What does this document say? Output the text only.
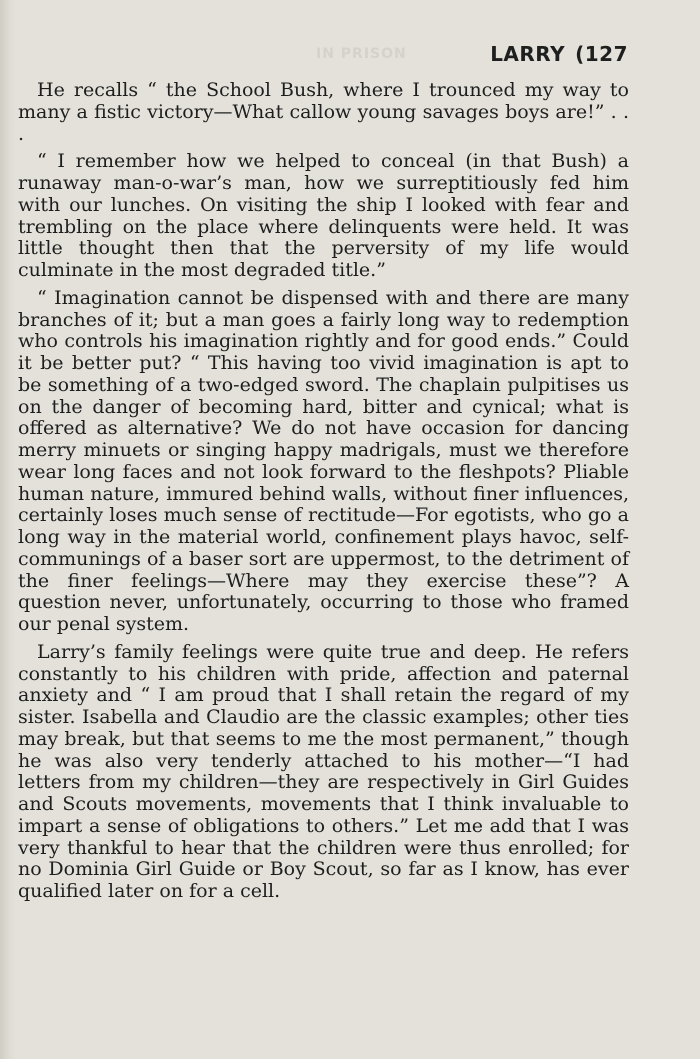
IN PRISON	LARRY (127

He recalls “ the School Bush, where I trounced my way to many a fistic victory—What callow young savages boys are!” . . .

“ I remember how we helped to conceal (in that Bush) a runaway man-o-war’s man, how we surreptitiously fed him with our lunches. On visiting the ship I looked with fear and trembling on the place where delinquents were held. It was little thought then that the perversity of my life would culminate in the most degraded title.”

“ Imagination cannot be dispensed with and there are many branches of it; but a man goes a fairly long way to redemption who controls his imagination rightly and for good ends.” Could it be better put? “ This having too vivid imagination is apt to be something of a two-edged sword. The chaplain pulpitises us on the danger of becoming hard, bitter and cynical; what is offered as alternative? We do not have occasion for dancing merry minuets or singing happy madrigals, must we therefore wear long faces and not look forward to the fleshpots? Pliable human nature, immured behind walls, without finer influences, certainly loses much sense of rectitude—For egotists, who go a long way in the material world, confinement plays havoc, self-communings of a baser sort are uppermost, to the detriment of the finer feelings—Where may they exercise these”? A question never, unfortunately, occurring to those who framed our penal system.

Larry’s family feelings were quite true and deep. He refers constantly to his children with pride, affection and paternal anxiety and “ I am proud that I shall retain the regard of my sister. Isabella and Claudio are the classic examples; other ties may break, but that seems to me the most permanent,” though he was also very tenderly attached to his mother—“I had letters from my children—they are respectively in Girl Guides and Scouts movements, movements that I think invaluable to impart a sense of obligations to others.” Let me add that I was very thankful to hear that the children were thus enrolled; for no Dominia Girl Guide or Boy Scout, so far as I know, has ever qualified later on for a cell.
